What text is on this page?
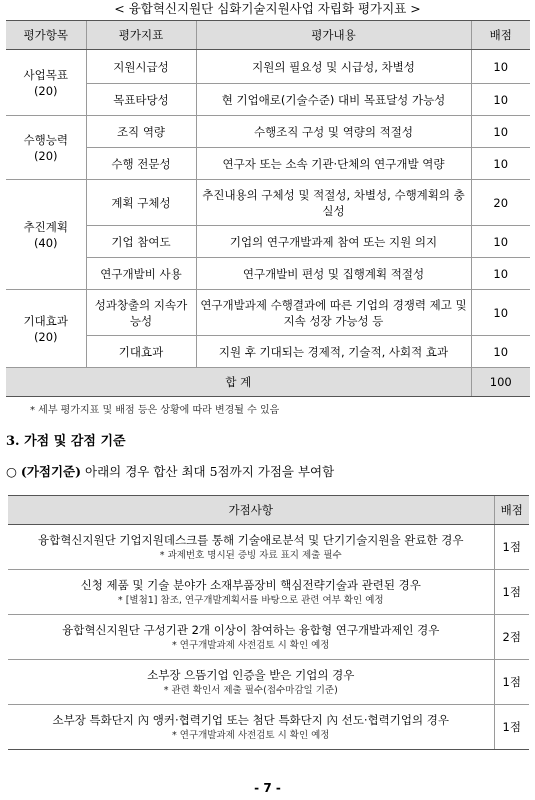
< 융합혁신지원단 심화기술지원사업 자립화 평가지표 >
평가항목	평가지표	평가내용	배점

사업목표
(20)	지원시급성	지원의 필요성 및 시급성, 차별성	10
	목표타당성	현 기업애로(기술수준) 대비 목표달성 가능성	10

수행능력
(20)	조직 역량	수행조직 구성 및 역량의 적절성	10
	수행 전문성	연구자 또는 소속 기관·단체의 연구개발 역량	10

추진계획
(40)	계획 구체성	추진내용의 구체성 및 적절성, 차별성, 수행계획의 충실성	20
	기업 참여도	기업의 연구개발과제 참여 또는 지원 의지	10
	연구개발비 사용	연구개발비 편성 및 집행계획 적절성	10

기대효과
(20)	성과창출의 지속가능성	연구개발과제 수행결과에 따른 기업의 경쟁력 제고 및 지속 성장 가능성 등	10
	기대효과	지원 후 기대되는 경제적, 기술적, 사회적 효과	10
합 계			100
* 세부 평가지표 및 배점 등은 상황에 따라 변경될 수 있음
3. 가점 및 감점 기준
○ (가점기준) 아래의 경우 합산 최대 5점까지 가점을 부여함
가점사항	배점
융합혁신지원단 기업지원데스크를 통해 기술애로분석 및 단기기술지원을 완료한 경우
* 과제번호 명시된 증빙 자료 표지 제출 필수	1점
신청 제품 및 기술 분야가 소재부품장비 핵심전략기술과 관련된 경우
* [별첨1] 참조, 연구개발계획서를 바탕으로 관련 여부 확인 예정	1점
융합혁신지원단 구성기관 2개 이상이 참여하는 융합형 연구개발과제인 경우
* 연구개발과제 사전검토 시 확인 예정	2점
소부장 으뜸기업 인증을 받은 기업의 경우
* 관련 확인서 제출 필수(접수마감일 기준)	1점
소부장 특화단지 內 앵커·협력기업 또는 첨단 특화단지 內 선도·협력기업의 경우
* 연구개발과제 사전검토 시 확인 예정	1점
- 7 -
